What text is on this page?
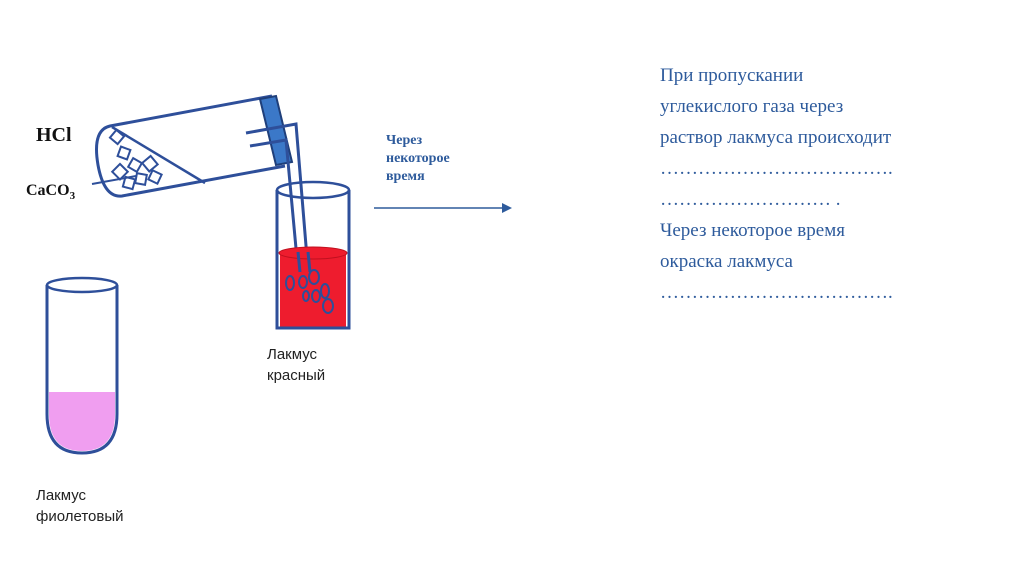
HCl
CaCO$_3$
Через
некоторое
время
Лакмус
красный
Лакмус
фиолетовый

При пропускании

углекислого газа через

раствор лакмуса происходит

……………………………….

……………………… .

Через некоторое время

окраска лакмуса

……………………………….
